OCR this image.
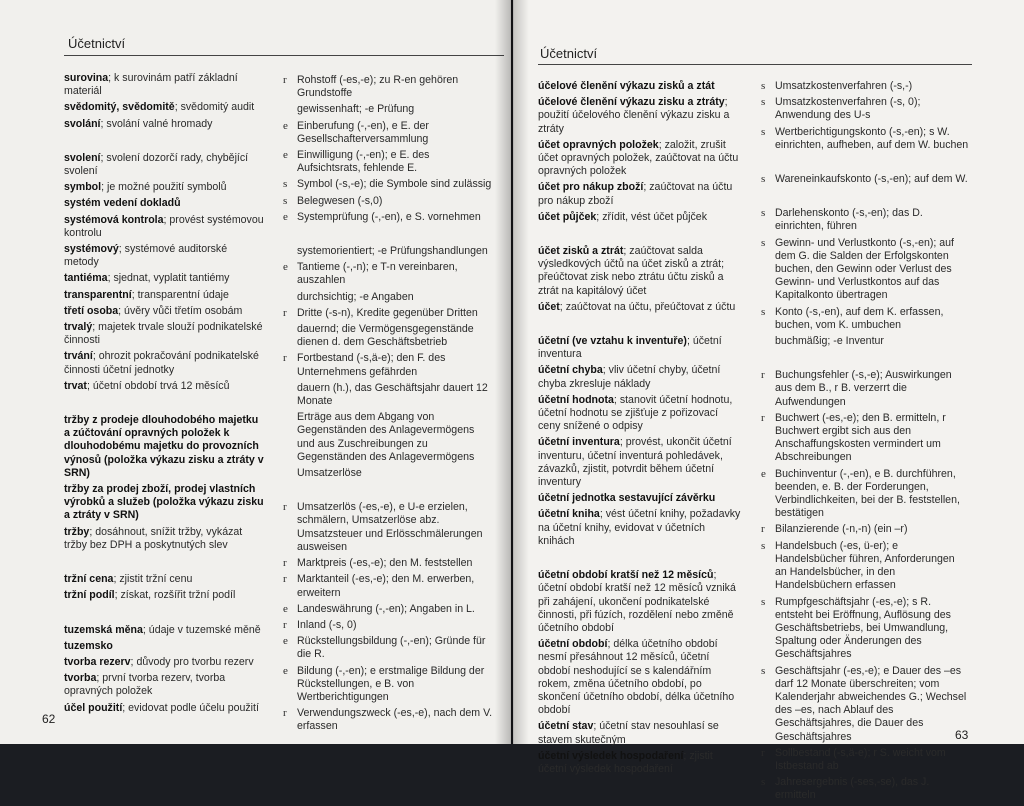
Účetnictví
surovina; k surovinám patří základní materiál
svědomitý, svědomitě; svědomitý audit
svolání; svolání valné hromady
svolení; svolení dozorčí rady, chybějící svolení
symbol; je možné použití symbolů
systém vedení dokladů
systémová kontrola; provést systémovou kontrolu
systémový; systémové auditorské metody
tantiéma; sjednat, vyplatit tantiémy
transparentní; transparentní údaje
třetí osoba; úvěry vůči třetím osobám
trvalý; majetek trvale slouží podnikatelské činnosti
trvání; ohrozit pokračování podnikatelské činnosti účetní jednotky
trvat; účetní období trvá 12 měsíců
tržby z prodeje dlouhodobého majetku a zúčtování opravných položek k dlouhodobému majetku do provozních výnosů (položka výkazu zisku a ztráty v SRN)
tržby za prodej zboží, prodej vlastních výrobků a služeb (položka výkazu zisku a ztráty v SRN)
tržby; dosáhnout, snížit tržby, vykázat tržby bez DPH a poskytnutých slev
tržní cena; zjistit tržní cenu
tržní podíl; získat, rozšířit tržní podíl
tuzemská měna; údaje v tuzemské měně
tuzemsko
tvorba rezerv; důvody pro tvorbu rezerv
tvorba; první tvorba rezerv, tvorba opravných položek
účel použití; evidovat podle účelu použití
r Rohstoff (-es,-e); zu R-en gehören Grundstoffe
gewissenhaft; -e Prüfung
e Einberufung (-,-en), e E. der Gesellschafterversammlung
e Einwilligung (-,-en); e E. des Aufsichtsrats, fehlende E.
s Symbol (-s,-e); die Symbole sind zulässig
s Belegwesen (-s,0)
e Systemprüfung (-,-en), e S. vornehmen
systemorientiert; -e Prüfungshandlungen
e Tantieme (-,-n); e T-n vereinbaren, auszahlen
durchsichtig; -e Angaben
r Dritte (-s-n), Kredite gegenüber Dritten
dauernd; die Vermögensgegenstände dienen d. dem Geschäftsbetrieb
r Fortbestand (-s,ä-e); den F. des Unternehmens gefährden
dauern (h.), das Geschäftsjahr dauert 12 Monate
Erträge aus dem Abgang von Gegenständen des Anlagevermögens und aus Zuschreibungen zu Gegenständen des Anlagevermögens
Umsatzerlöse
r Umsatzerlös (-es,-e), e U-e erzielen, schmälern, Umsatzerlöse abz. Umsatzsteuer und Erlösschmälerungen ausweisen
r Marktpreis (-es,-e); den M. feststellen
r Marktanteil (-es,-e); den M. erwerben, erweitern
e Landeswährung (-,-en); Angaben in L.
r Inland (-s, 0)
e Rückstellungsbildung (-,-en); Gründe für die R.
e Bildung (-,-en); e erstmalige Bildung der Rückstellungen, e B. von Wertberichtigungen
r Verwendungszweck (-es,-e), nach dem V. erfassen
62
Účetnictví
účelové členění výkazu zisků a ztát
účelové členění výkazu zisku a ztráty; použití účelového členění výkazu zisku a ztráty
účet opravných položek; založit, zrušit účet opravných položek, zaúčtovat na účtu opravných položek
účet pro nákup zboží; zaúčtovat na účtu pro nákup zboží
účet půjček; zřídit, vést účet půjček
účet zisků a ztrát; zaúčtovat salda výsledkových účtů na účet zisků a ztrát; přeúčtovat zisk nebo ztrátu účtu zisků a ztrát na kapitálový účet
účet; zaúčtovat na účtu, přeúčtovat z účtu
účetní (ve vztahu k inventuře); účetní inventura
účetní chyba; vliv účetní chyby, účetní chyba zkresluje náklady
účetní hodnota; stanovit účetní hodnotu, účetní hodnotu se zjišťuje z pořizovací ceny snížené o odpisy
účetní inventura; provést, ukončit účetní inventuru, účetní inventurá pohledávek, závazků, zjistit, potvrdit během účetní inventury
účetní jednotka sestavující závěrku
účetní kniha; vést účetní knihy, požadavky na účetní knihy, evidovat v účetních knihách
účetní období kratší než 12 měsíců; účetní období kratší než 12 měsíců vzniká při zahájení, ukončení podnikatelské činnosti, při fúzích, rozdělení nebo změně účetního období
účetní období; délka účetního období nesmí přesáhnout 12 měsíců, účetní období neshodující se s kalendářním rokem, změna účetního období, po skončení účetního období, délka účetního období
účetní stav; účetní stav nesouhlasí se stavem skutečným
účetní výsledek hospodaření; zjistit účetní výsledek hospodaření
s Umsatzkostenverfahren (-s,-)
s Umsatzkostenverfahren (-s, 0); Anwendung des U-s
s Wertberichtigungskonto (-s,-en); s W. einrichten, aufheben, auf dem W. buchen
s Wareneinkaufskonto (-s,-en); auf dem W.
s Darlehenskonto (-s,-en); das D. einrichten, führen
s Gewinn- und Verlustkonto (-s,-en); auf dem G. die Salden der Erfolgskonten buchen, den Gewinn oder Verlust des Gewinn- und Verlustkontos auf das Kapitalkonto übertragen
s Konto (-s,-en), auf dem K. erfassen, buchen, vom K. umbuchen
buchmäßig; -e Inventur
r Buchungsfehler (-s,-e); Auswirkungen aus dem B., r B. verzerrt die Aufwendungen
r Buchwert (-es,-e); den B. ermitteln, r Buchwert ergibt sich aus den Anschaffungskosten vermindert um Abschreibungen
e Buchinventur (-,-en), e B. durchführen, beenden, e. B. der Forderungen, Verbindlichkeiten, bei der B. feststellen, bestätigen
r Bilanzierende (-n,-n) (ein –r)
s Handelsbuch (-es, ü-er); e Handelsbücher führen, Anforderungen an Handelsbücher, in den Handelsbüchern erfassen
s Rumpfgeschäftsjahr (-es,-e); s R. entsteht bei Eröffnung, Auflösung des Geschäftsbetriebs, bei Umwandlung, Spaltung oder Änderungen des Geschäftsjahres
s Geschäftsjahr (-es,-e); e Dauer des –es darf 12 Monate überschreiten; vom Kalenderjahr abweichendes G.; Wechsel des –es, nach Ablauf des Geschäftsjahres, die Dauer des Geschäftsjahres
r Sollbestand (-s,ä-e); r S. weicht vom Istbestand ab
s Jahresergebnis (-ses,-se), das J. ermitteln
63
